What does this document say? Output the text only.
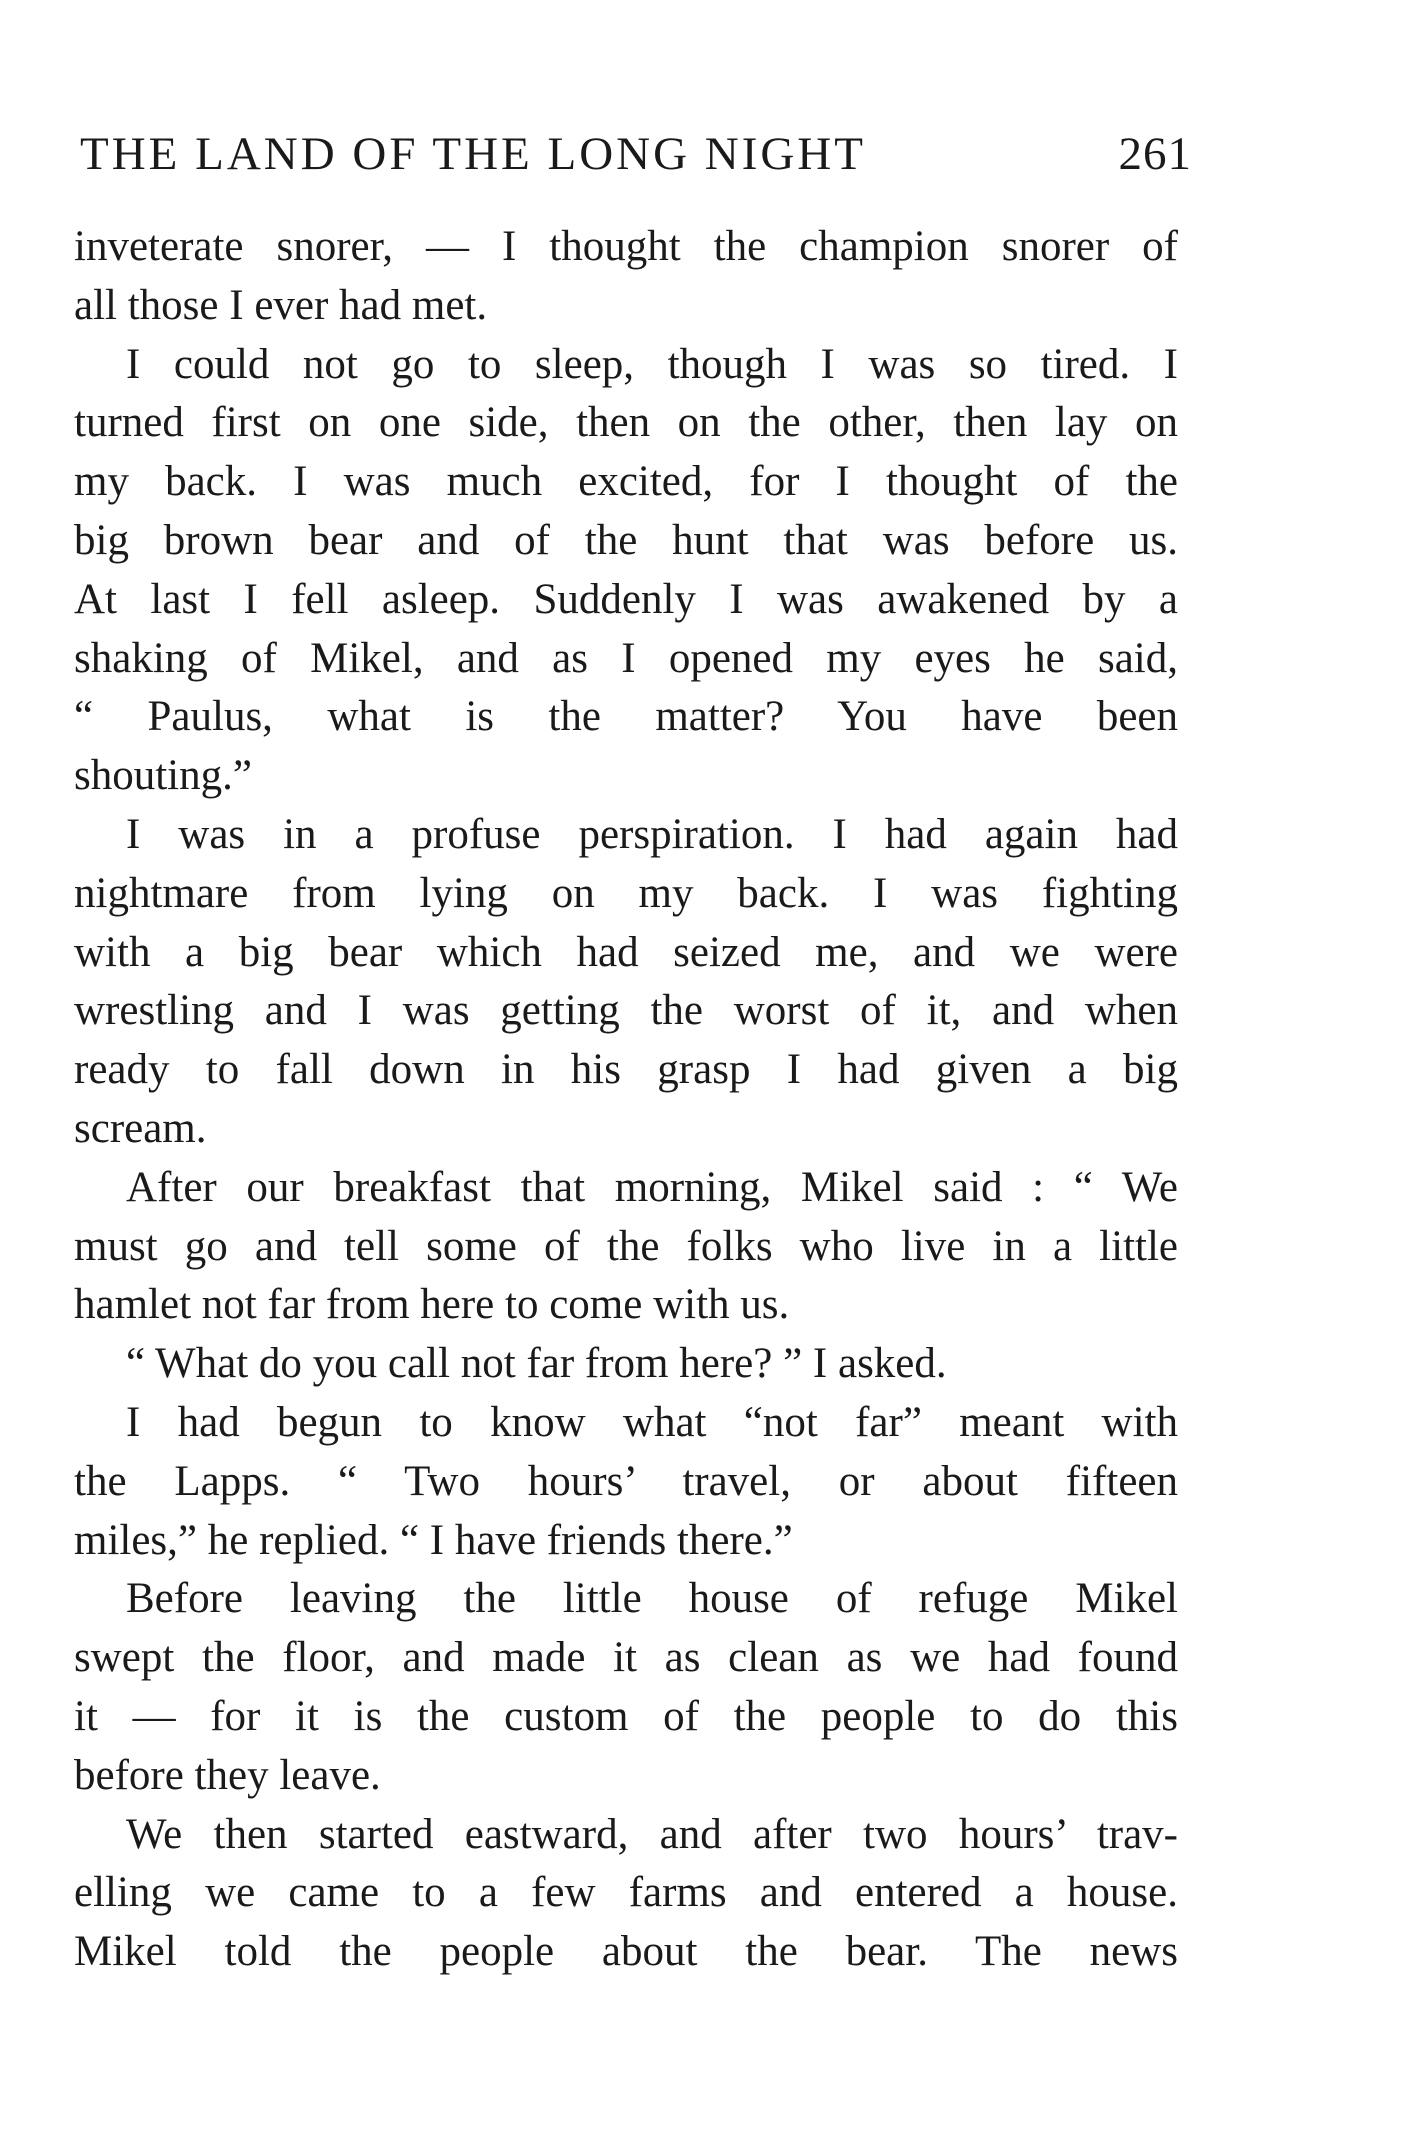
THE LAND OF THE LONG NIGHT	261
inveterate snorer, — I thought the champion snorer of
all those I ever had met.
I could not go to sleep, though I was so tired. I
turned first on one side, then on the other, then lay on
my back. I was much excited, for I thought of the
big brown bear and of the hunt that was before us.
At last I fell asleep. Suddenly I was awakened by a
shaking of Mikel, and as I opened my eyes he said,
“ Paulus, what is the matter? You have been
shouting.”
I was in a profuse perspiration. I had again had
nightmare from lying on my back. I was fighting
with a big bear which had seized me, and we were
wrestling and I was getting the worst of it, and when
ready to fall down in his grasp I had given a big
scream.
After our breakfast that morning, Mikel said : “ We
must go and tell some of the folks who live in a little
hamlet not far from here to come with us.
“ What do you call not far from here? ” I asked.
I had begun to know what “not far” meant with
the Lapps. “ Two hours’ travel, or about fifteen
miles,” he replied. “ I have friends there.”
Before leaving the little house of refuge Mikel
swept the floor, and made it as clean as we had found
it — for it is the custom of the people to do this
before they leave.
We then started eastward, and after two hours’ trav-
elling we came to a few farms and entered a house.
Mikel told the people about the bear. The news
